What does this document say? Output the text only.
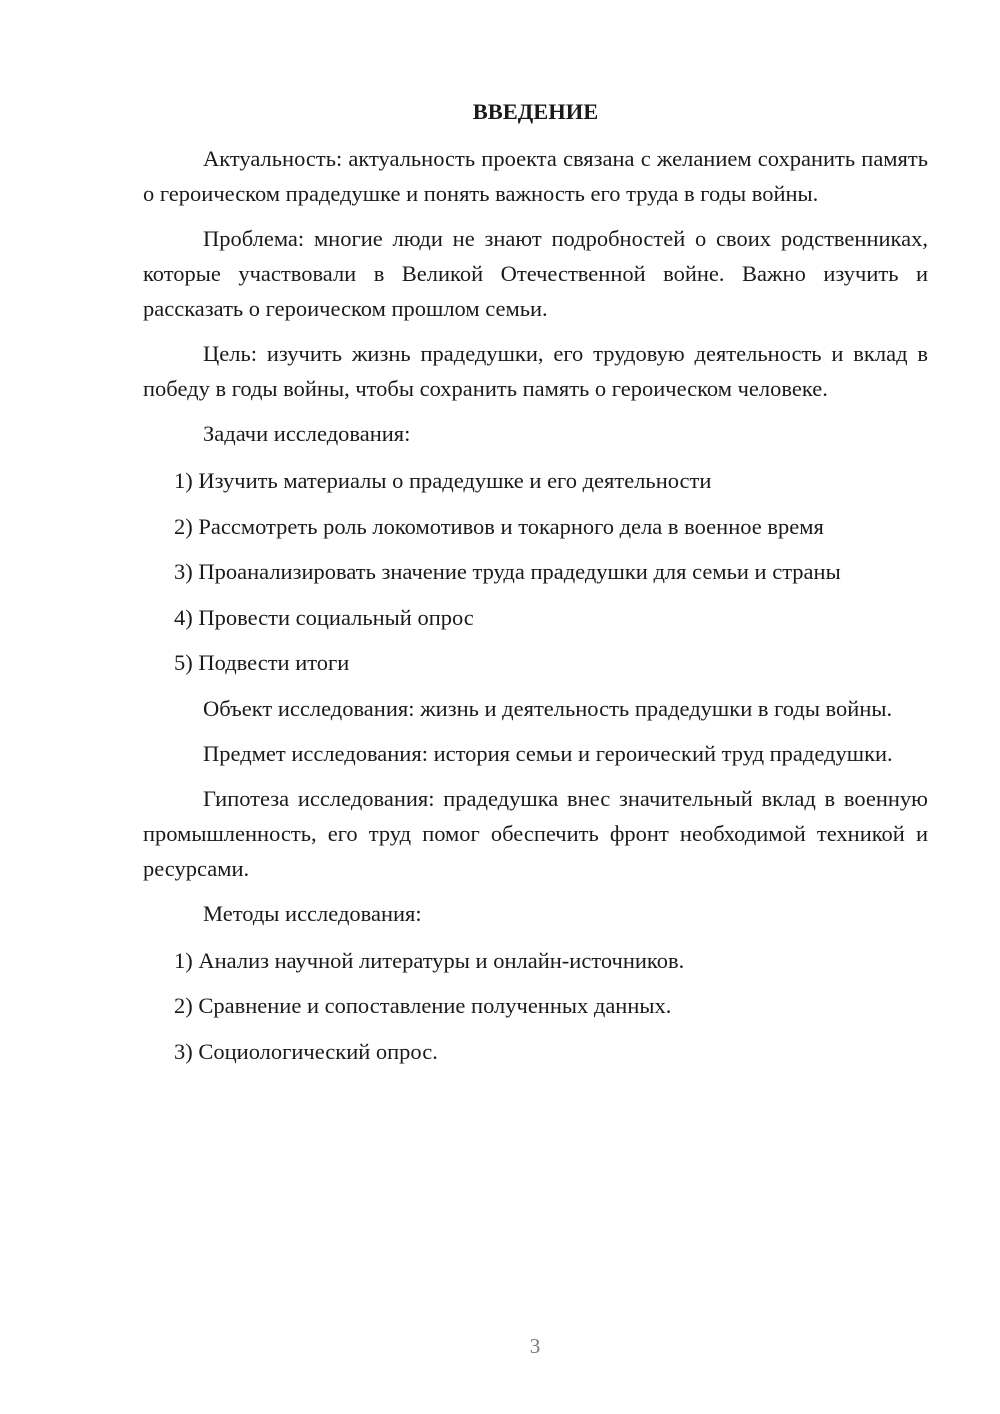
ВВЕДЕНИЕ

Актуальность: актуальность проекта связана с желанием сохранить память о героическом прадедушке и понять важность его труда в годы войны.

Проблема: многие люди не знают подробностей о своих родственниках, которые участвовали в Великой Отечественной войне. Важно изучить и рассказать о героическом прошлом семьи.

Цель: изучить жизнь прадедушки, его трудовую деятельность и вклад в победу в годы войны, чтобы сохранить память о героическом человеке.

Задачи исследования:

1) Изучить материалы о прадедушке и его деятельности
2) Рассмотреть роль локомотивов и токарного дела в военное время
3) Проанализировать значение труда прадедушки для семьи и страны
4) Провести социальный опрос
5) Подвести итоги

Объект исследования: жизнь и деятельность прадедушки в годы войны.

Предмет исследования: история семьи и героический труд прадедушки.

Гипотеза исследования: прадедушка внес значительный вклад в военную промышленность, его труд помог обеспечить фронт необходимой техникой и ресурсами.

Методы исследования:

1) Анализ научной литературы и онлайн-источников.
2) Сравнение и сопоставление полученных данных.
3) Социологический опрос.
3
